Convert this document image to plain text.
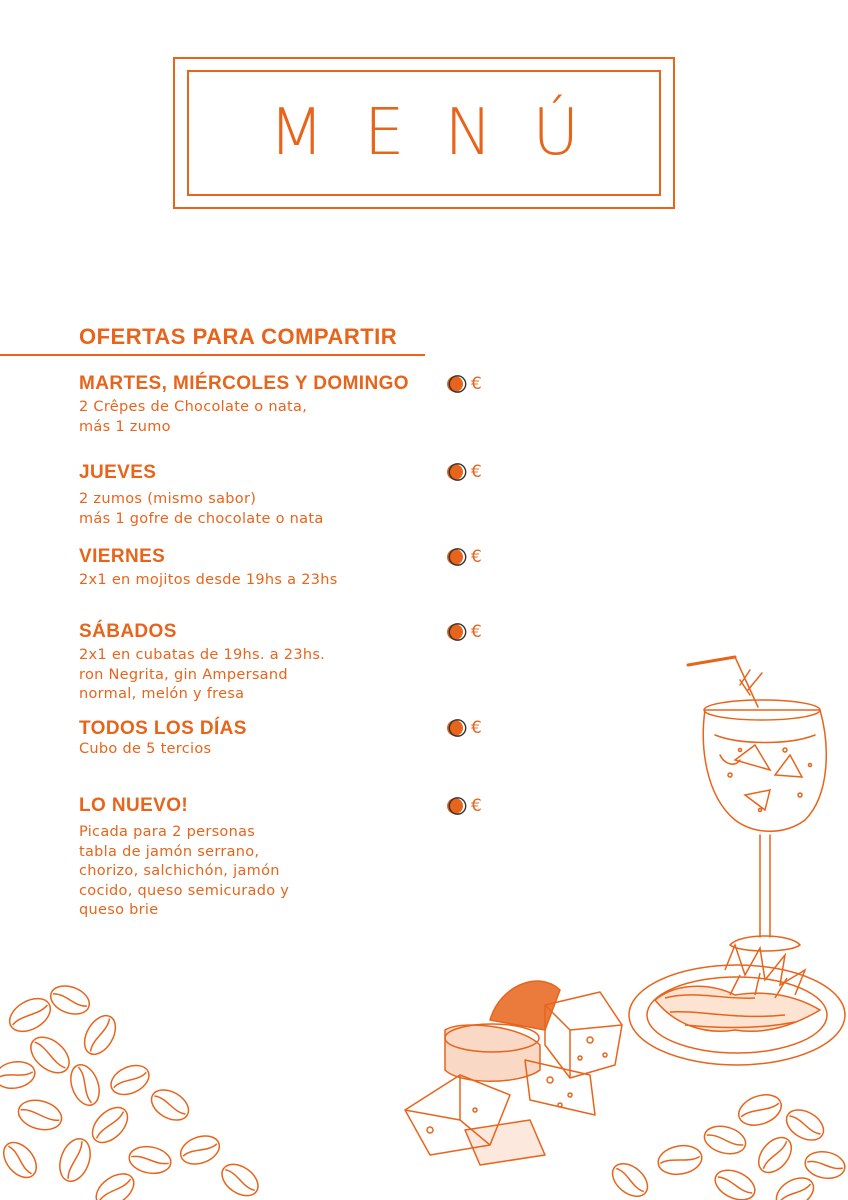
MENÚ
OFERTAS PARA COMPARTIR
MARTES, MIÉRCOLES Y DOMINGO
2 Crêpes de Chocolate o nata,
más 1 zumo
€
JUEVES
2 zumos (mismo sabor)
más 1 gofre de chocolate o nata
€
VIERNES
2x1 en mojitos desde 19hs a 23hs
€
SÁBADOS
2x1 en cubatas de 19hs. a 23hs.
ron Negrita, gin Ampersand
normal, melón y fresa
€
TODOS LOS DÍAS
Cubo de 5 tercios
€
LO NUEVO!
Picada para 2 personas
tabla de jamón serrano,
chorizo, salchichón, jamón
cocido, queso semicurado y
queso brie
€
